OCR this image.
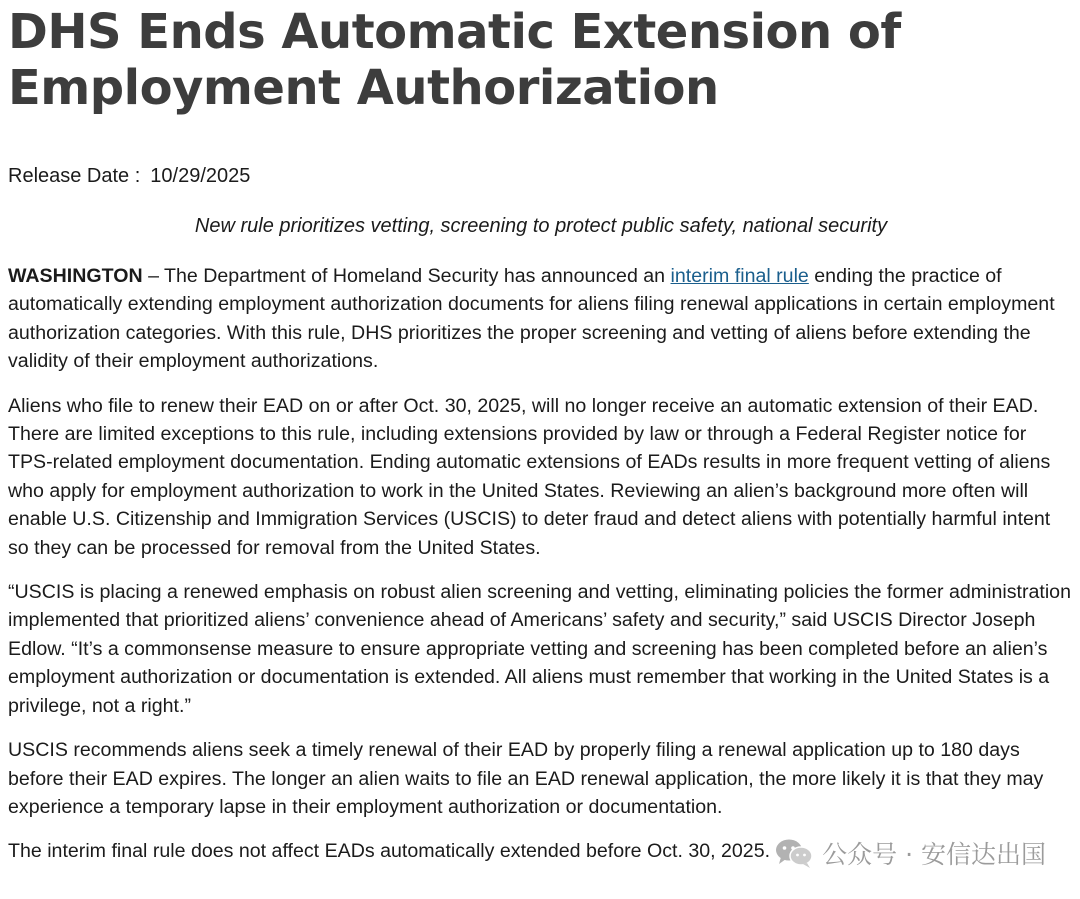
DHS Ends Automatic Extension of Employment Authorization
Release Date : 10/29/2025
New rule prioritizes vetting, screening to protect public safety, national security

WASHINGTON – The Department of Homeland Security has announced an interim final rule ending the practice of automatically extending employment authorization documents for aliens filing renewal applications in certain employment authorization categories. With this rule, DHS prioritizes the proper screening and vetting of aliens before extending the validity of their employment authorizations.

Aliens who file to renew their EAD on or after Oct. 30, 2025, will no longer receive an automatic extension of their EAD. There are limited exceptions to this rule, including extensions provided by law or through a Federal Register notice for TPS-related employment documentation. Ending automatic extensions of EADs results in more frequent vetting of aliens who apply for employment authorization to work in the United States. Reviewing an alien’s background more often will enable U.S. Citizenship and Immigration Services (USCIS) to deter fraud and detect aliens with potentially harmful intent so they can be processed for removal from the United States.

“USCIS is placing a renewed emphasis on robust alien screening and vetting, eliminating policies the former administration implemented that prioritized aliens’ convenience ahead of Americans’ safety and security,” said USCIS Director Joseph Edlow. “It’s a commonsense measure to ensure appropriate vetting and screening has been completed before an alien’s employment authorization or documentation is extended. All aliens must remember that working in the United States is a privilege, not a right.”

USCIS recommends aliens seek a timely renewal of their EAD by properly filing a renewal application up to 180 days before their EAD expires. The longer an alien waits to file an EAD renewal application, the more likely it is that they may experience a temporary lapse in their employment authorization or documentation.

The interim final rule does not affect EADs automatically extended before Oct. 30, 2025.	公众号 · 安信达出国
